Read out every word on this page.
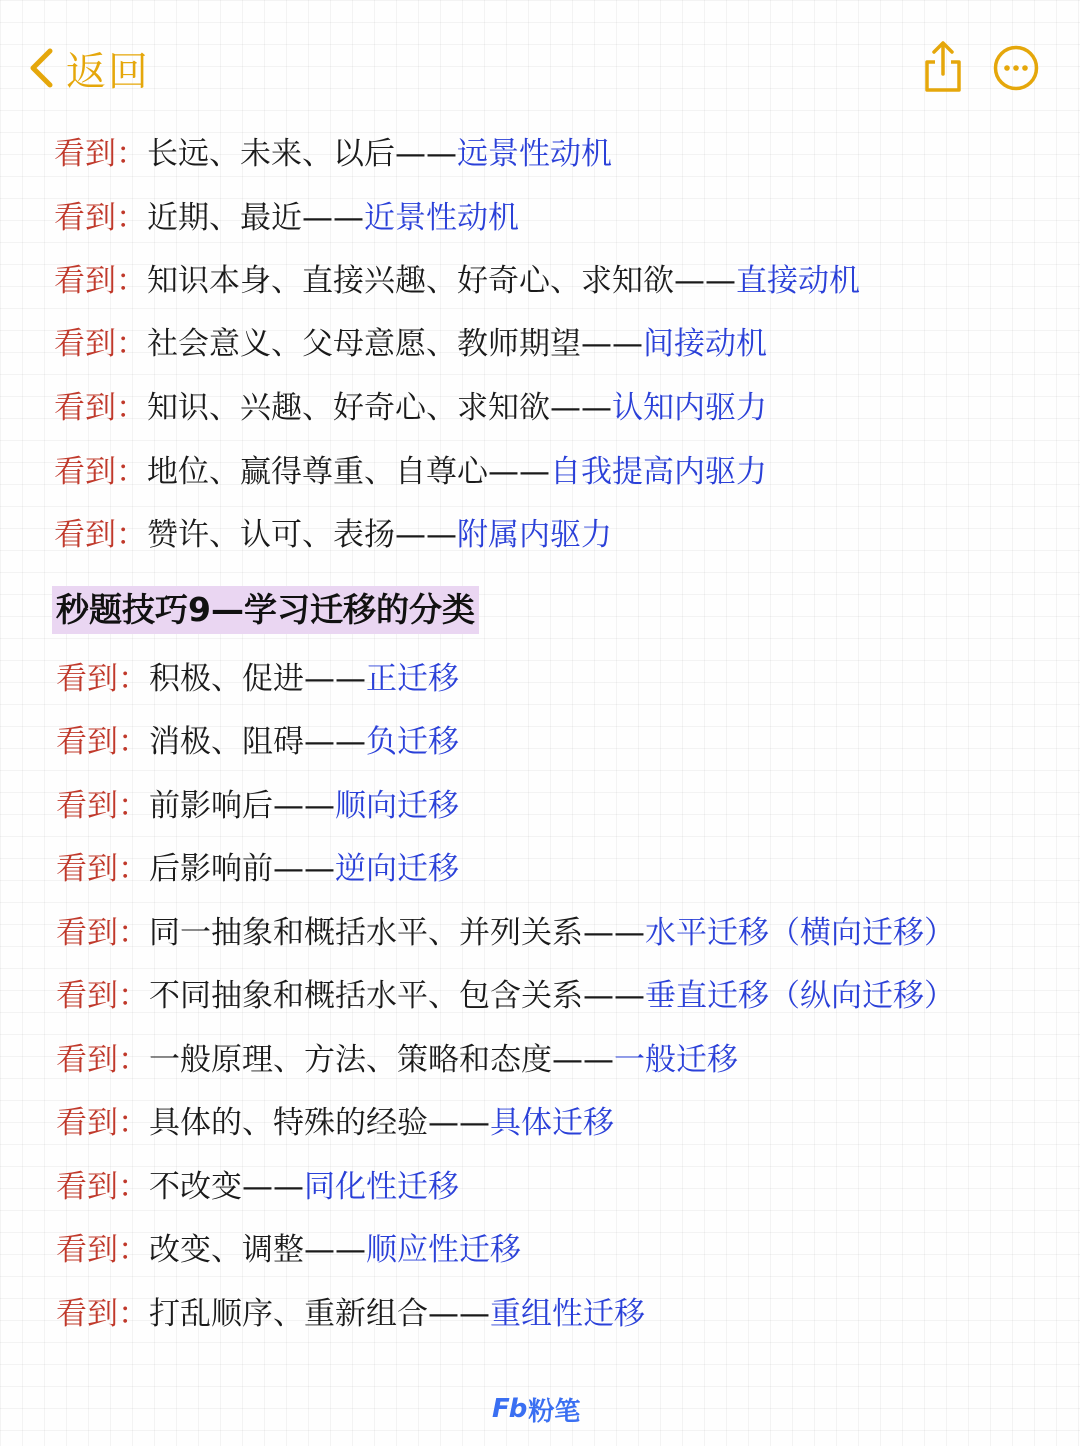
返回
看到：长远、未来、以后——远景性动机
看到：近期、最近——近景性动机
看到：知识本身、直接兴趣、好奇心、求知欲——直接动机
看到：社会意义、父母意愿、教师期望——间接动机
看到：知识、兴趣、好奇心、求知欲——认知内驱力
看到：地位、赢得尊重、自尊心——自我提高内驱力
看到：赞许、认可、表扬——附属内驱力
秒题技巧9—学习迁移的分类
看到：积极、促进——正迁移
看到：消极、阻碍——负迁移
看到：前影响后——顺向迁移
看到：后影响前——逆向迁移
看到：同一抽象和概括水平、并列关系——水平迁移（横向迁移）
看到：不同抽象和概括水平、包含关系——垂直迁移（纵向迁移）
看到：一般原理、方法、策略和态度——一般迁移
看到：具体的、特殊的经验——具体迁移
看到：不改变——同化性迁移
看到：改变、调整——顺应性迁移
看到：打乱顺序、重新组合——重组性迁移
Fb 粉笔
